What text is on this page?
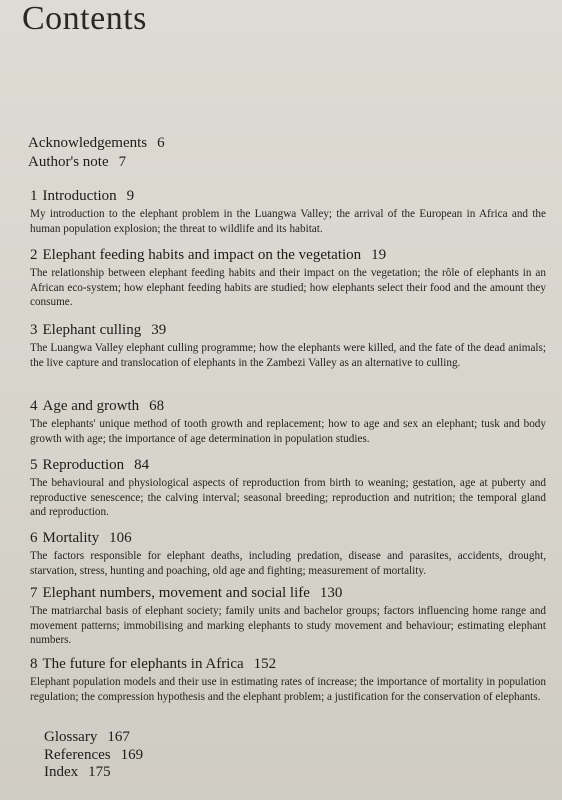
Contents
Acknowledgements 6
Author's note 7
1 Introduction 9
My introduction to the elephant problem in the Luangwa Valley; the arrival of the European in Africa and the human population explosion; the threat to wildlife and its habitat.
2 Elephant feeding habits and impact on the vegetation 19
The relationship between elephant feeding habits and their impact on the vegetation; the rôle of elephants in an African eco-system; how elephant feeding habits are studied; how elephants select their food and the amount they consume.
3 Elephant culling 39
The Luangwa Valley elephant culling programme; how the elephants were killed, and the fate of the dead animals; the live capture and translocation of elephants in the Zambezi Valley as an alternative to culling.
4 Age and growth 68
The elephants' unique method of tooth growth and replacement; how to age and sex an elephant; tusk and body growth with age; the importance of age determination in population studies.
5 Reproduction 84
The behavioural and physiological aspects of reproduction from birth to weaning; gestation, age at puberty and reproductive senescence; the calving interval; seasonal breeding; reproduction and nutrition; the temporal gland and reproduction.
6 Mortality 106
The factors responsible for elephant deaths, including predation, disease and parasites, accidents, drought, starvation, stress, hunting and poaching, old age and fighting; measurement of mortality.
7 Elephant numbers, movement and social life 130
The matriarchal basis of elephant society; family units and bachelor groups; factors influencing home range and movement patterns; immobilising and marking elephants to study movement and behaviour; estimating elephant numbers.
8 The future for elephants in Africa 152
Elephant population models and their use in estimating rates of increase; the importance of mortality in population regulation; the compression hypothesis and the elephant problem; a justification for the conservation of elephants.
Glossary 167
References 169
Index 175
